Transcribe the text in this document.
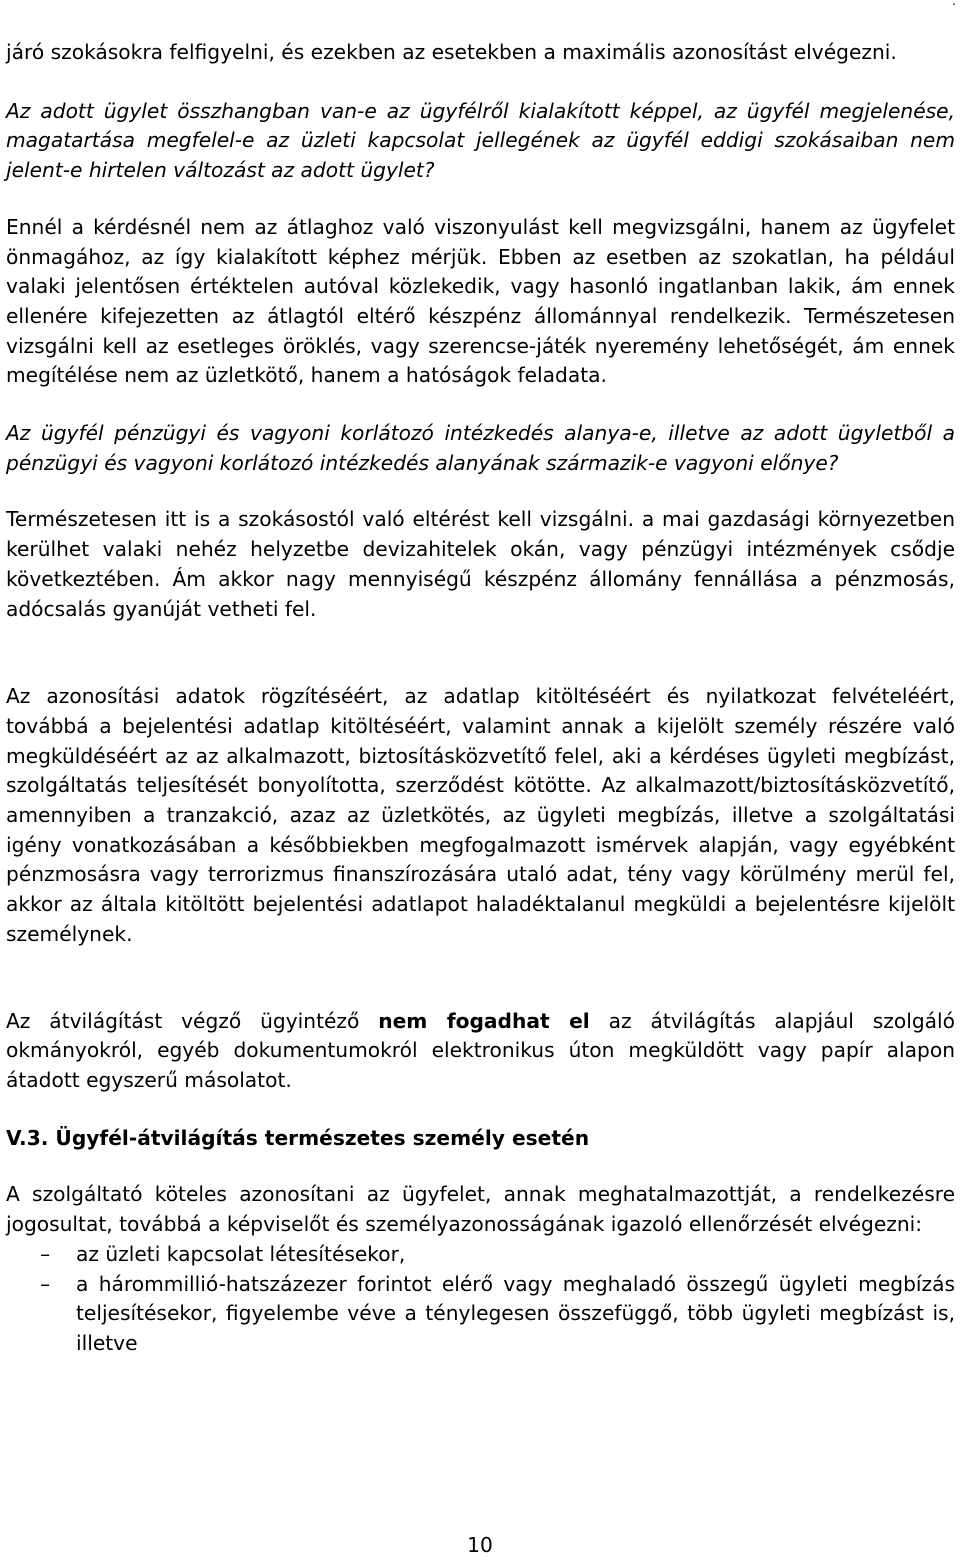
.

járó szokásokra felfigyelni, és ezekben az esetekben a maximális azonosítást elvégezni.

Az adott ügylet összhangban van-e az ügyfélről kialakított képpel, az ügyfél megjelenése, magatartása megfelel-e az üzleti kapcsolat jellegének az ügyfél eddigi szokásaiban nem jelent-e hirtelen változást az adott ügylet?

Ennél a kérdésnél nem az átlaghoz való viszonyulást kell megvizsgálni, hanem az ügyfelet önmagához, az így kialakított képhez mérjük. Ebben az esetben az szokatlan, ha például valaki jelentősen értéktelen autóval közlekedik, vagy hasonló ingatlanban lakik, ám ennek ellenére kifejezetten az átlagtól eltérő készpénz állománnyal rendelkezik. Természetesen vizsgálni kell az esetleges öröklés, vagy szerencse-játék nyeremény lehetőségét, ám ennek megítélése nem az üzletkötő, hanem a hatóságok feladata.

Az ügyfél pénzügyi és vagyoni korlátozó intézkedés alanya-e, illetve az adott ügyletből a pénzügyi és vagyoni korlátozó intézkedés alanyának származik-e vagyoni előnye?

Természetesen itt is a szokásostól való eltérést kell vizsgálni. a mai gazdasági környezetben kerülhet valaki nehéz helyzetbe devizahitelek okán, vagy pénzügyi intézmények csődje következtében. Ám akkor nagy mennyiségű készpénz állomány fennállása a pénzmosás, adócsalás gyanúját vetheti fel.

Az azonosítási adatok rögzítéséért, az adatlap kitöltéséért és nyilatkozat felvételéért, továbbá a bejelentési adatlap kitöltéséért, valamint annak a kijelölt személy részére való megküldéséért az az alkalmazott, biztosításközvetítő felel, aki a kérdéses ügyleti megbízást, szolgáltatás teljesítését bonyolította, szerződést kötötte. Az alkalmazott/biztosításközvetítő, amennyiben a tranzakció, azaz az üzletkötés, az ügyleti megbízás, illetve a szolgáltatási igény vonatkozásában a későbbiekben megfogalmazott ismérvek alapján, vagy egyébként pénzmosásra vagy terrorizmus finanszírozására utaló adat, tény vagy körülmény merül fel, akkor az általa kitöltött bejelentési adatlapot haladéktalanul megküldi a bejelentésre kijelölt személynek.

Az átvilágítást végző ügyintéző nem fogadhat el az átvilágítás alapjául szolgáló okmányokról, egyéb dokumentumokról elektronikus úton megküldött vagy papír alapon átadott egyszerű másolatot.

V.3. Ügyfél-átvilágítás természetes személy esetén

A szolgáltató köteles azonosítani az ügyfelet, annak meghatalmazottját, a rendelkezésre jogosultat, továbbá a képviselőt és személyazonosságának igazoló ellenőrzését elvégezni:

– az üzleti kapcsolat létesítésekor,
– a hárommillió-hatszázezer forintot elérő vagy meghaladó összegű ügyleti megbízás teljesítésekor, figyelembe véve a ténylegesen összefüggő, több ügyleti megbízást is, illetve
10
